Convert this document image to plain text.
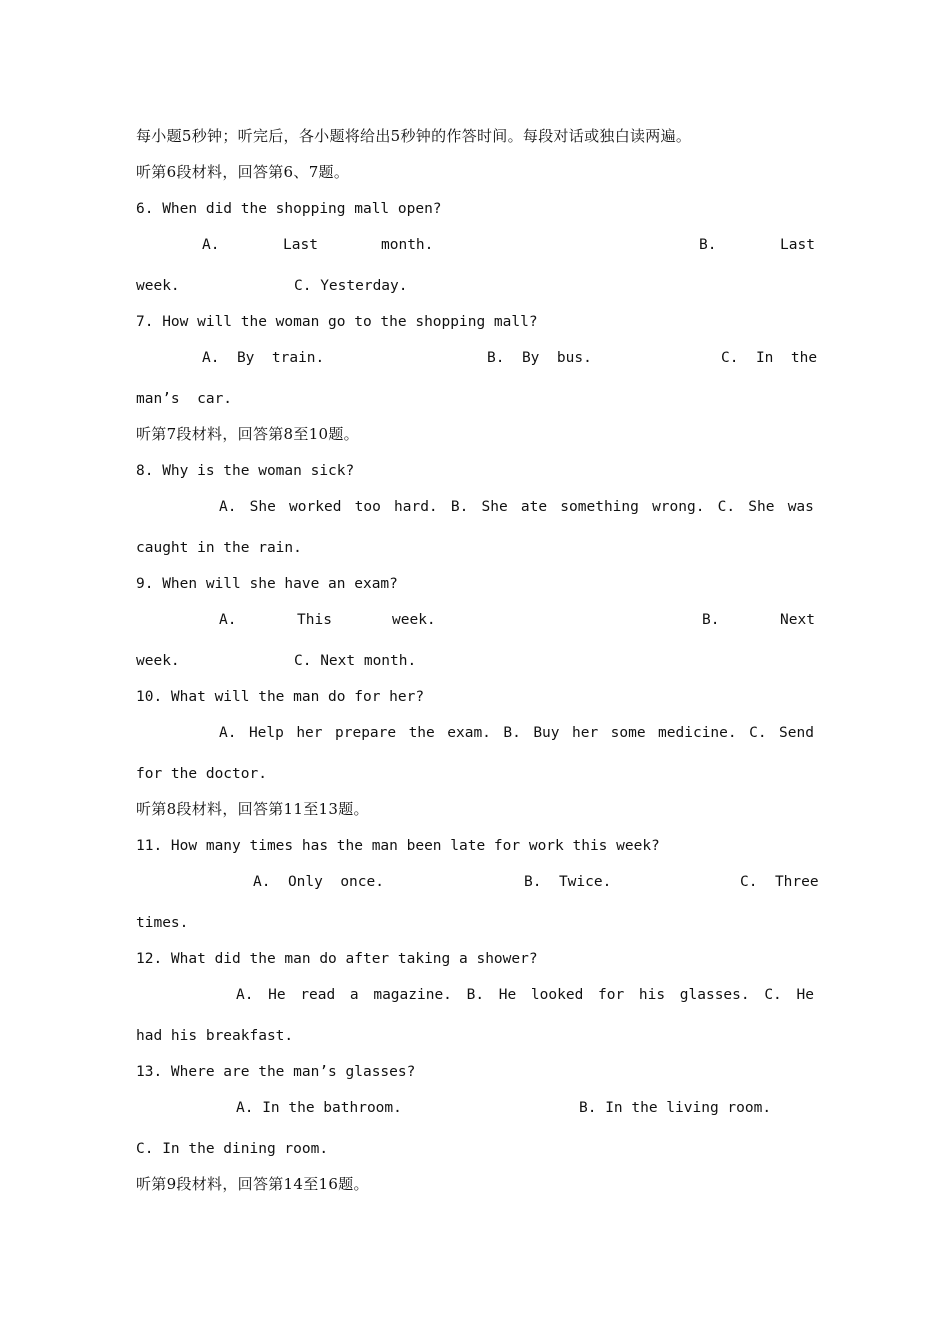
每小题5秒钟；听完后，各小题将给出5秒钟的作答时间。每段对话或独白读两遍。
听第6段材料，回答第6、7题。
6. When did the shopping mall open?
A.	Last	month.	B.	Last
week.	C. Yesterday.
7. How will the woman go to the shopping mall?
A. By train.	B. By bus.	C. In the
man’s  car.
听第7段材料，回答第8至10题。
8. Why is the woman sick?
A. She worked too hard. B. She ate something wrong. C. She was
caught in the rain.
9. When will she have an exam?
A.	This	week.	B.	Next
week.	C. Next month.
10. What will the man do for her?
A. Help her prepare the exam. B. Buy her some medicine. C. Send
for the doctor.
听第8段材料，回答第11至13题。
11. How many times has the man been late for work this week?
A. Only once.	B. Twice.	C. Three
times.
12. What did the man do after taking a shower?
A. He read a magazine. B. He looked for his glasses. C. He
had his breakfast.
13. Where are the man’s glasses?
A. In the bathroom.	B. In the living room.
C. In the dining room.
听第9段材料，回答第14至16题。
